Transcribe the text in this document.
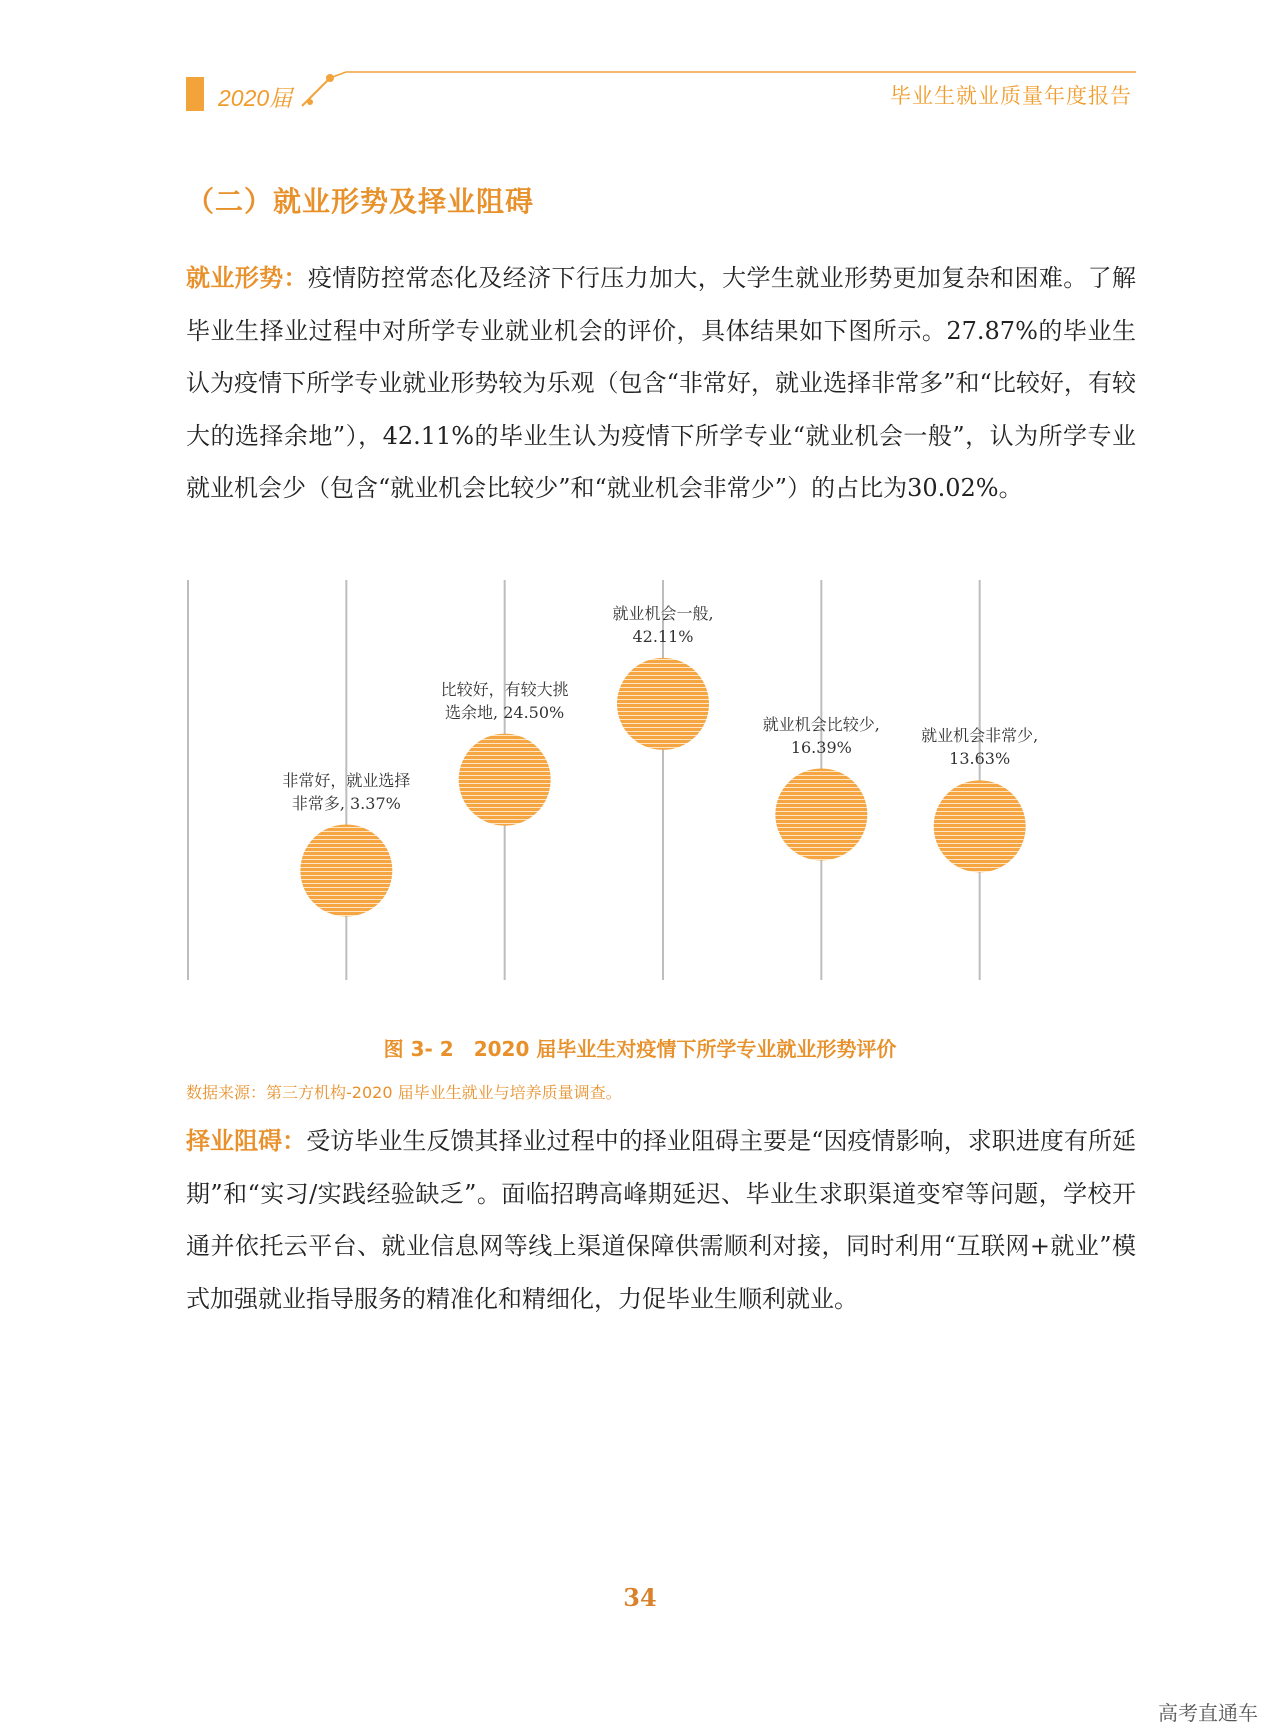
2020届	毕业生就业质量年度报告
（二）就业形势及择业阻碍
就业形势：疫情防控常态化及经济下行压力加大，大学生就业形势更加复杂和困难。了解毕业生择业过程中对所学专业就业机会的评价，具体结果如下图所示。27.87%的毕业生认为疫情下所学专业就业形势较为乐观（包含“非常好，就业选择非常多”和“比较好，有较大的选择余地”），42.11%的毕业生认为疫情下所学专业“就业机会一般”，认为所学专业就业机会少（包含“就业机会比较少”和“就业机会非常少”）的占比为30.02%。
非常好，就业选择
非常多, 3.37%
比较好，有较大挑
选余地, 24.50%
就业机会一般,
42.11%
就业机会比较少,
16.39%
就业机会非常少,
13.63%
图 3- 2　2020 届毕业生对疫情下所学专业就业形势评价
数据来源：第三方机构-2020 届毕业生就业与培养质量调查。
择业阻碍：受访毕业生反馈其择业过程中的择业阻碍主要是“因疫情影响，求职进度有所延期”和“实习/实践经验缺乏”。面临招聘高峰期延迟、毕业生求职渠道变窄等问题，学校开通并依托云平台、就业信息网等线上渠道保障供需顺利对接，同时利用“互联网+就业”模式加强就业指导服务的精准化和精细化，力促毕业生顺利就业。
34
高考直通车
